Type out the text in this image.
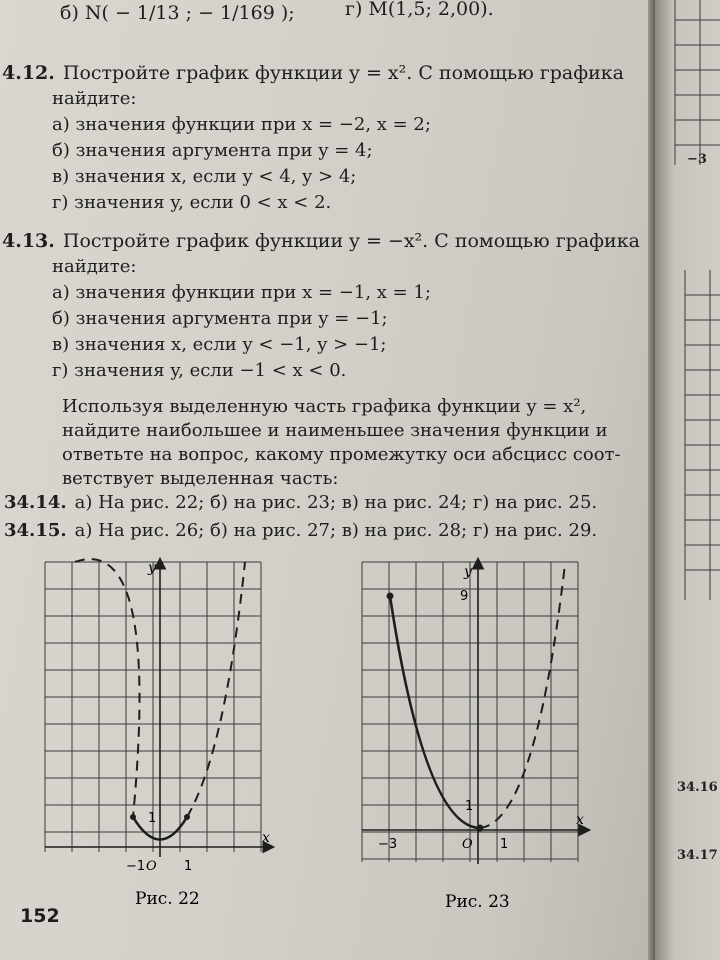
б) N( − 1/13 ; − 1/169 );	г) M(1,5; 2,00).
4.12. Постройте график функции y = x². С помощью графика
найдите:
а) значения функции при x = −2, x = 2;
б) значения аргумента при y = 4;
в) значения x, если y < 4, y > 4;
г) значения y, если 0 < x < 2.
4.13. Постройте график функции y = −x². С помощью графика
найдите:
а) значения функции при x = −1, x = 1;
б) значения аргумента при y = −1;
в) значения x, если y < −1, y > −1;
г) значения y, если −1 < x < 0.
Используя выделенную часть графика функции y = x²,
найдите наибольшее и наименьшее значения функции и
ответьте на вопрос, какому промежутку оси абсцисс соот-
ветствует выделенная часть:
34.14. а) На рис. 22; б) на рис. 23; в) на рис. 24; г) на рис. 25.
34.15. а) На рис. 26; б) на рис. 27; в) на рис. 28; г) на рис. 29.
y
x
−1 O 1
1
Рис. 22
y
x
9
1
−3	O 1
Рис. 23
152
−3
34.16
34.17
